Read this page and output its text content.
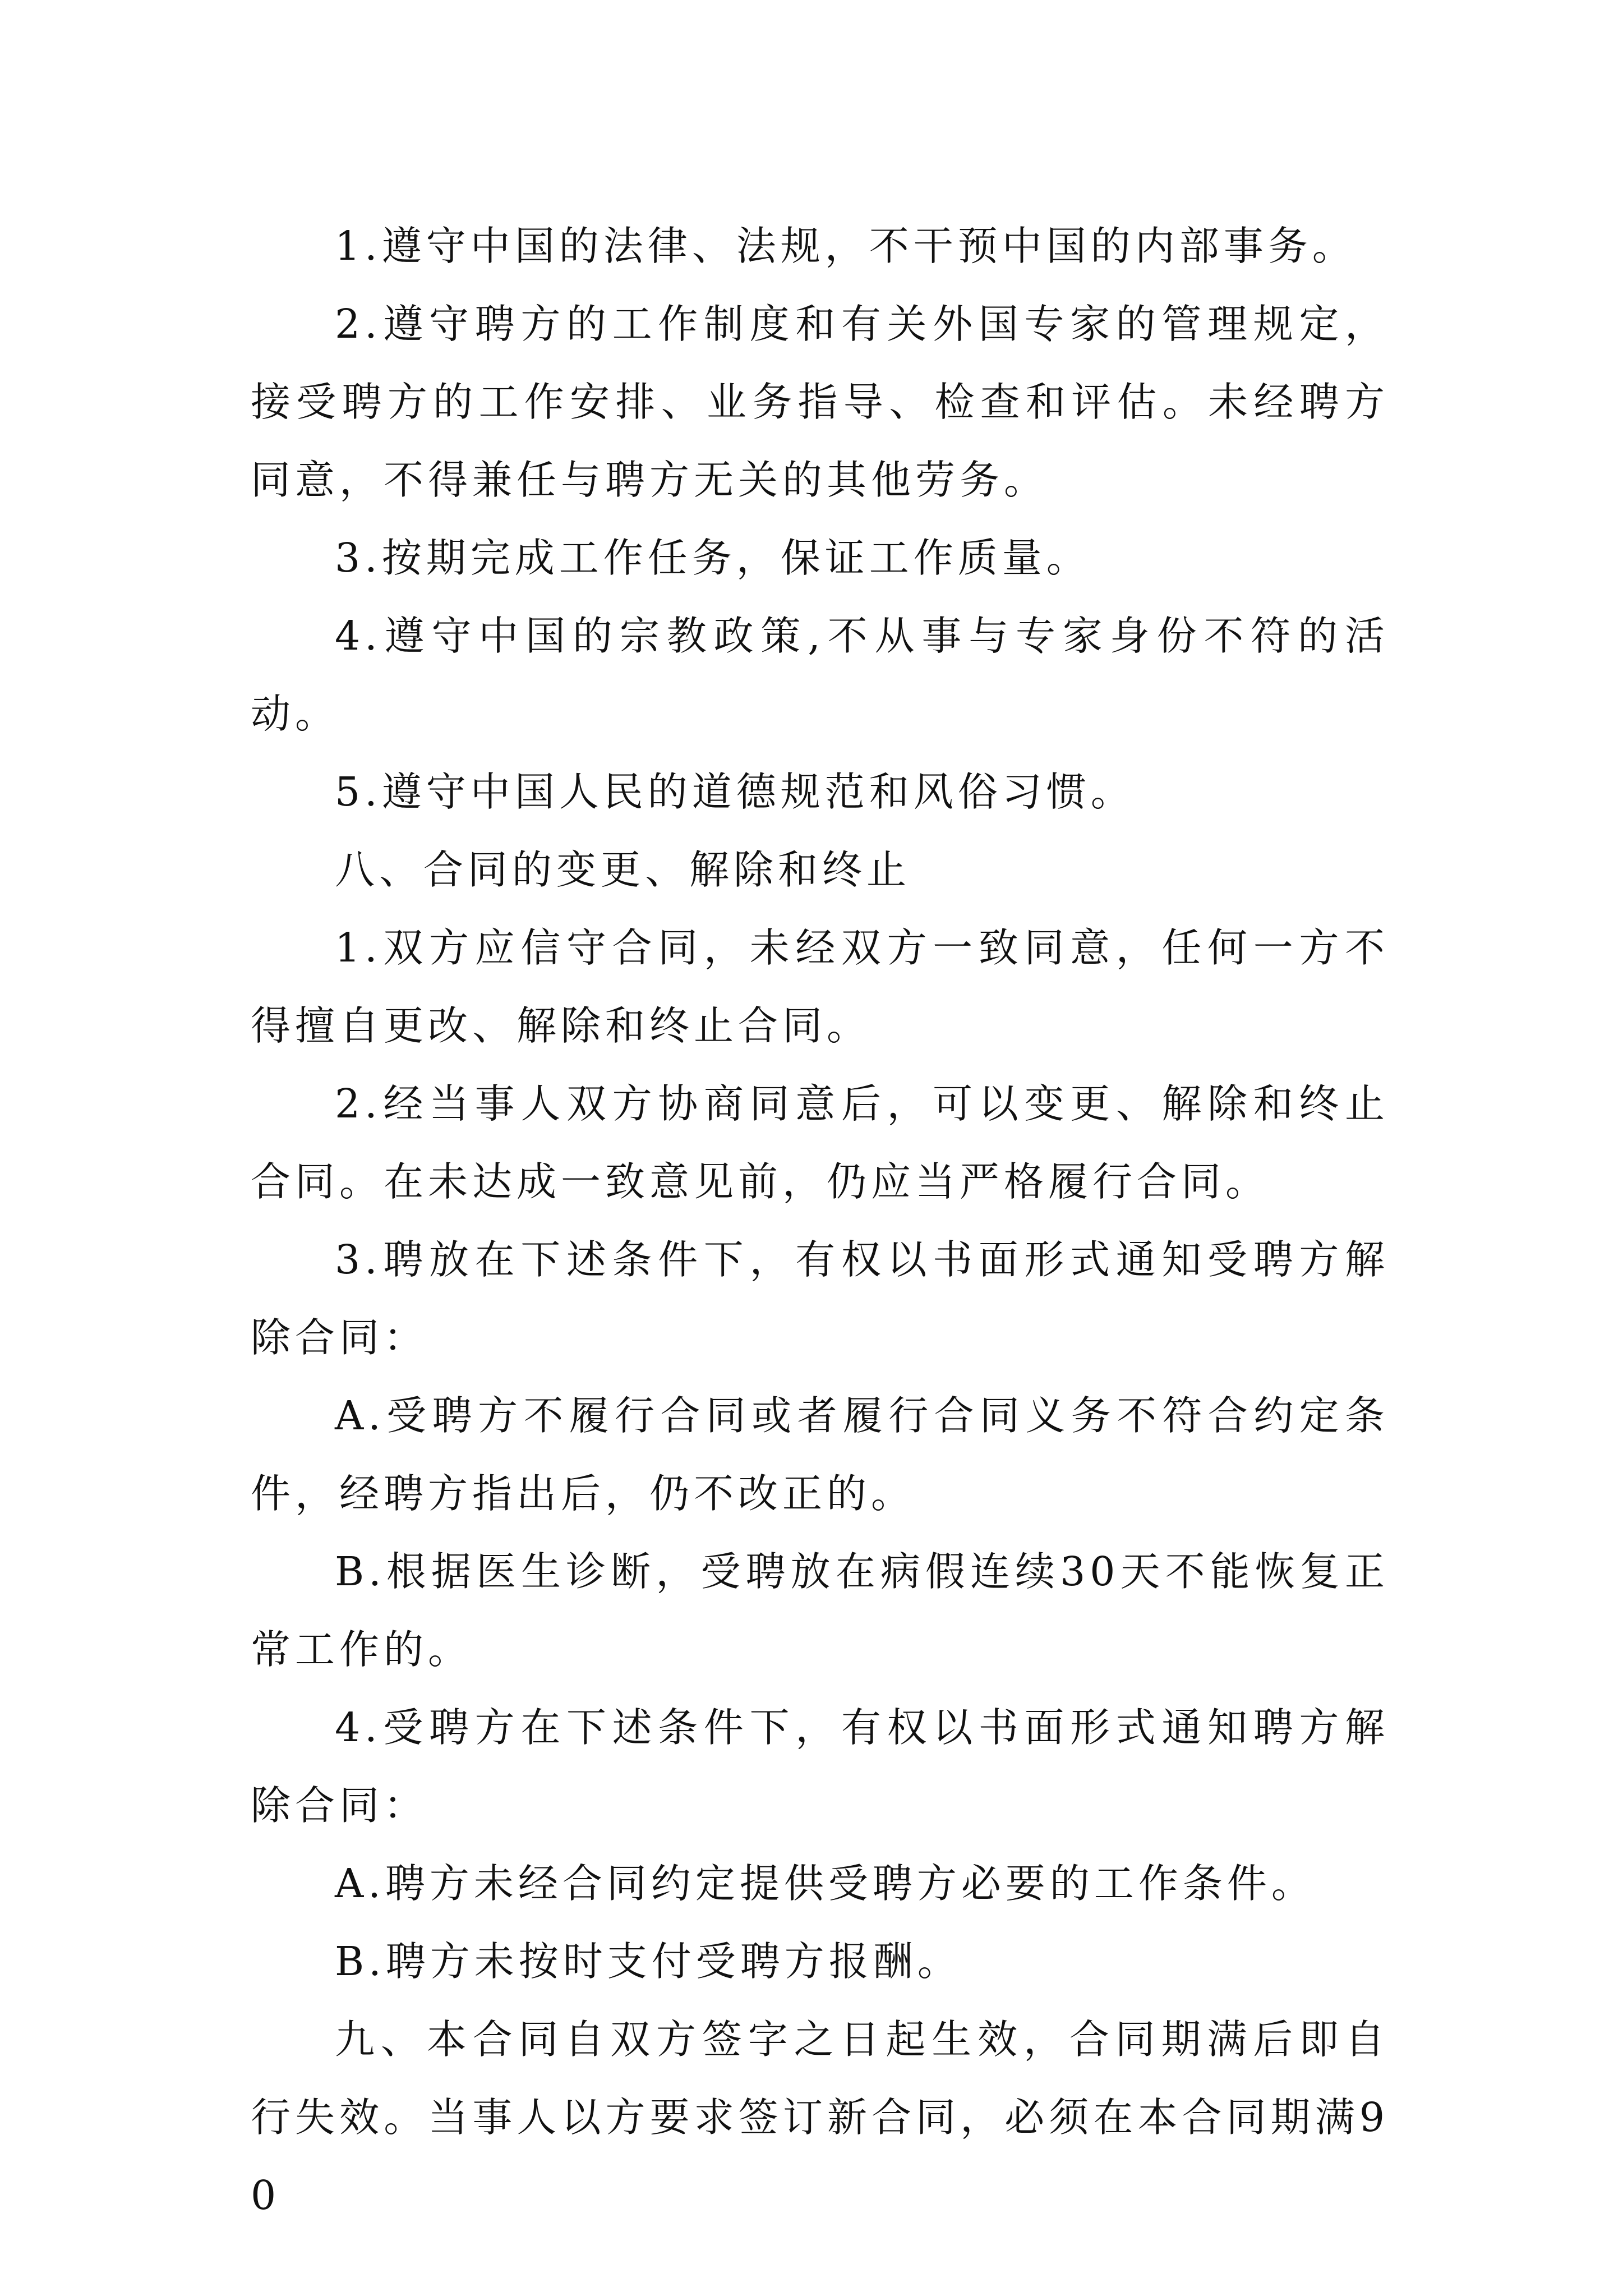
1.遵守中国的法律、法规，不干预中国的内部事务。

2.遵守聘方的工作制度和有关外国专家的管理规定，接受聘方的工作安排、业务指导、检查和评估。未经聘方同意，不得兼任与聘方无关的其他劳务。

3.按期完成工作任务，保证工作质量。

4.遵守中国的宗教政策,不从事与专家身份不符的活动。

5.遵守中国人民的道德规范和风俗习惯。

八、合同的变更、解除和终止

1.双方应信守合同，未经双方一致同意，任何一方不得擅自更改、解除和终止合同。

2.经当事人双方协商同意后，可以变更、解除和终止合同。在未达成一致意见前，仍应当严格履行合同。

3.聘放在下述条件下，有权以书面形式通知受聘方解除合同：

A.受聘方不履行合同或者履行合同义务不符合约定条件，经聘方指出后，仍不改正的。

B.根据医生诊断，受聘放在病假连续30天不能恢复正常工作的。

4.受聘方在下述条件下，有权以书面形式通知聘方解除合同：

A.聘方未经合同约定提供受聘方必要的工作条件。

B.聘方未按时支付受聘方报酬。

九、本合同自双方签字之日起生效，合同期满后即自行失效。当事人以方要求签订新合同，必须在本合同期满90
